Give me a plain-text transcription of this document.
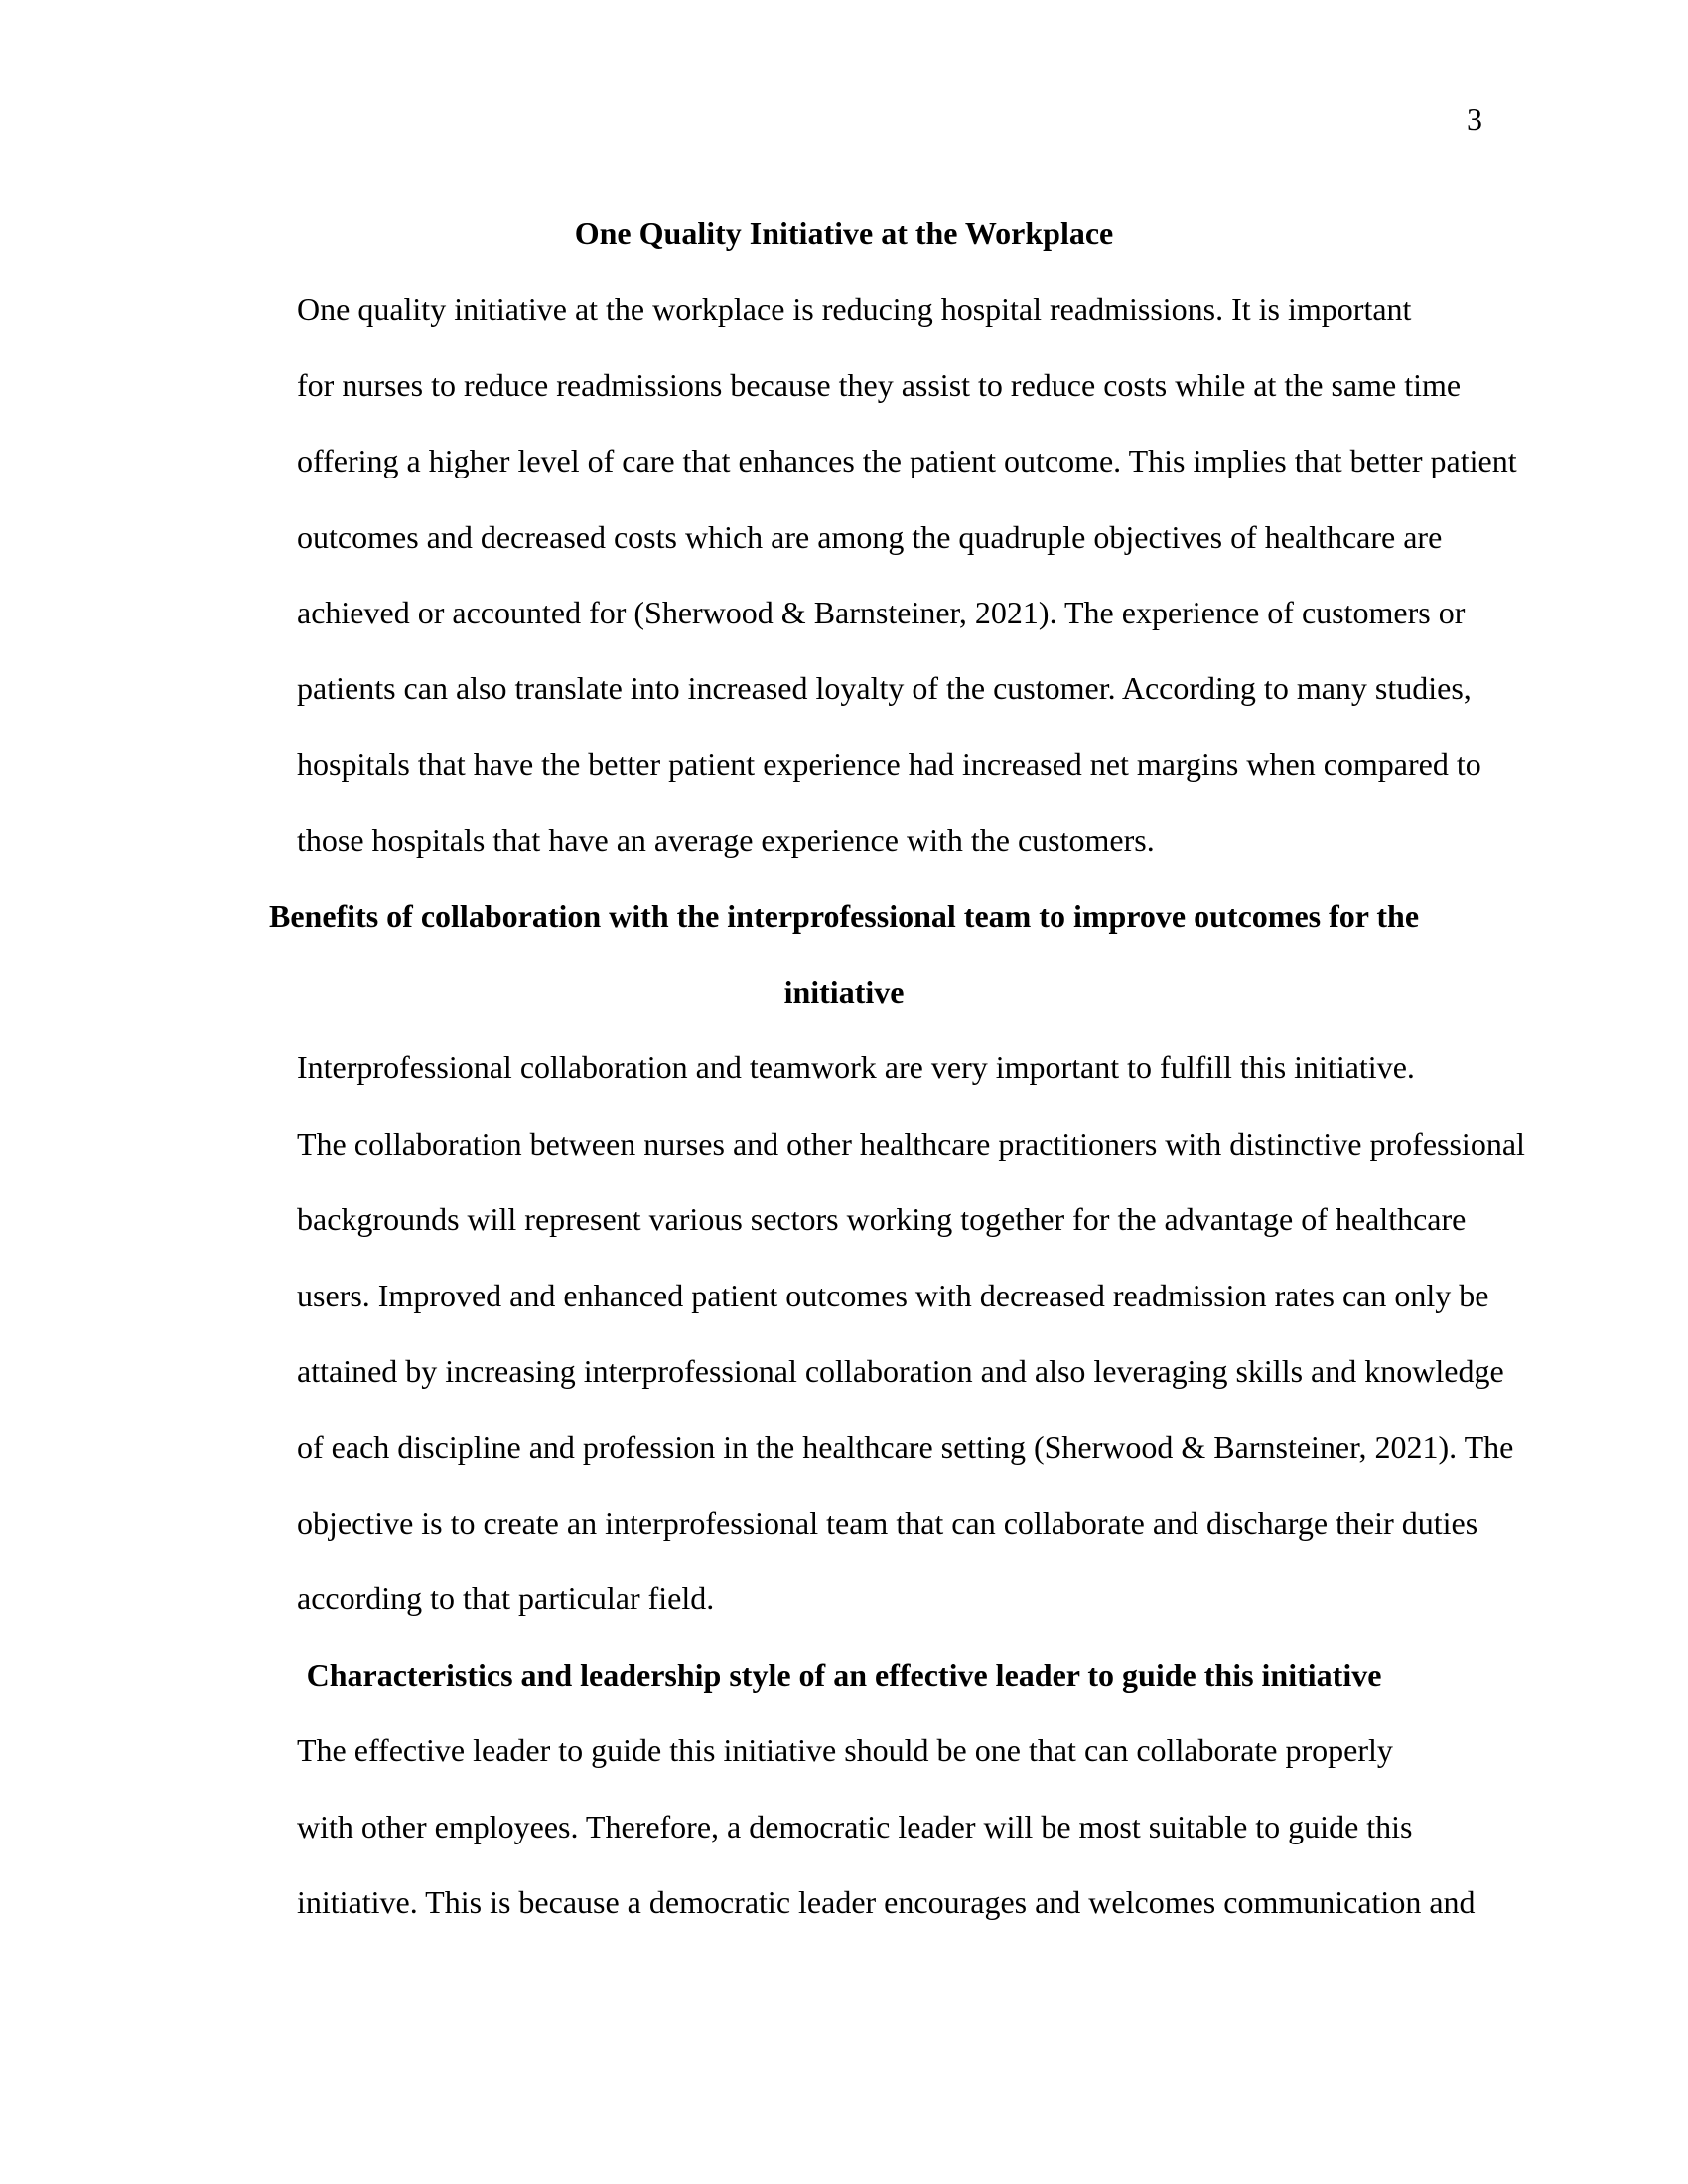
3
One Quality Initiative at the Workplace

One quality initiative at the workplace is reducing hospital readmissions. It is important
for nurses to reduce readmissions because they assist to reduce costs while at the same time
offering a higher level of care that enhances the patient outcome. This implies that better patient
outcomes and decreased costs which are among the quadruple objectives of healthcare are
achieved or accounted for (Sherwood & Barnsteiner, 2021). The experience of customers or
patients can also translate into increased loyalty of the customer. According to many studies,
hospitals that have the better patient experience had increased net margins when compared to
those hospitals that have an average experience with the customers.

Benefits of collaboration with the interprofessional team to improve outcomes for the
initiative

Interprofessional collaboration and teamwork are very important to fulfill this initiative.
The collaboration between nurses and other healthcare practitioners with distinctive professional
backgrounds will represent various sectors working together for the advantage of healthcare
users. Improved and enhanced patient outcomes with decreased readmission rates can only be
attained by increasing interprofessional collaboration and also leveraging skills and knowledge
of each discipline and profession in the healthcare setting (Sherwood & Barnsteiner, 2021). The
objective is to create an interprofessional team that can collaborate and discharge their duties
according to that particular field.

Characteristics and leadership style of an effective leader to guide this initiative

The effective leader to guide this initiative should be one that can collaborate properly
with other employees. Therefore, a democratic leader will be most suitable to guide this
initiative. This is because a democratic leader encourages and welcomes communication and
